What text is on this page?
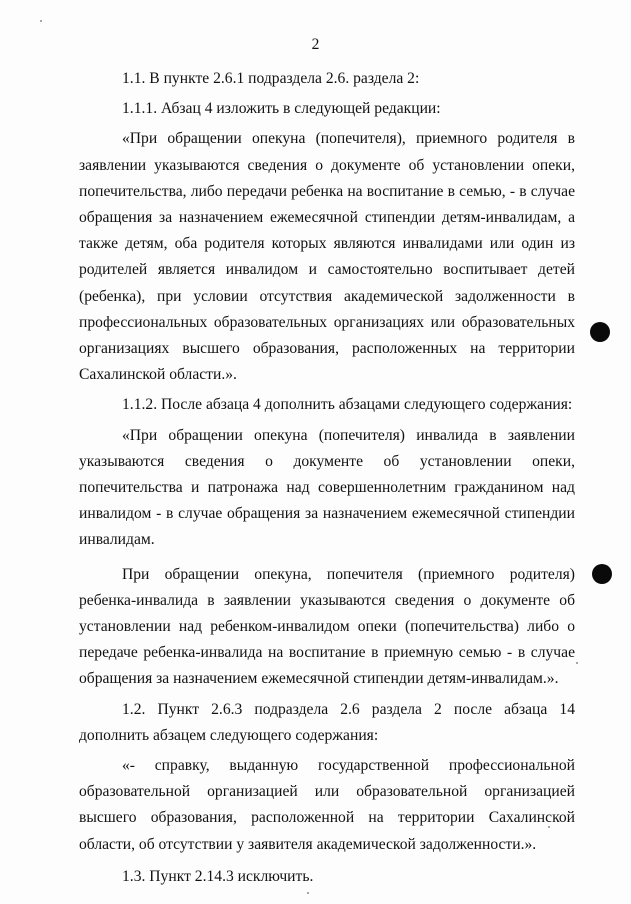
2

1.1. В пункте 2.6.1 подраздела 2.6. раздела 2:

1.1.1. Абзац 4 изложить в следующей редакции:

«При обращении опекуна (попечителя), приемного родителя в заявлении указываются сведения о документе об установлении опеки, попечительства, либо передачи ребенка на воспитание в семью, - в случае обращения за назначением ежемесячной стипендии детям-инвалидам, а также детям, оба родителя которых являются инвалидами или один из родителей является инвалидом и самостоятельно воспитывает детей (ребенка), при условии отсутствия академической задолженности в профессиональных образовательных организациях или образовательных организациях высшего образования, расположенных на территории Сахалинской области.».

1.1.2. После абзаца 4 дополнить абзацами следующего содержания:

«При обращении опекуна (попечителя) инвалида в заявлении указываются сведения о документе об установлении опеки, попечительства и патронажа над совершеннолетним гражданином над инвалидом - в случае обращения за назначением ежемесячной стипендии инвалидам.

При обращении опекуна, попечителя (приемного родителя) ребенка-инвалида в заявлении указываются сведения о документе об установлении над ребенком-инвалидом опеки (попечительства) либо о передаче ребенка-инвалида на воспитание в приемную семью - в случае обращения за назначением ежемесячной стипендии детям-инвалидам.».

1.2. Пункт 2.6.3 подраздела 2.6 раздела 2 после абзаца 14 дополнить абзацем следующего содержания:

«- справку, выданную государственной профессиональной образовательной организацией или образовательной организацией высшего образования, расположенной на территории Сахалинской области, об отсутствии у заявителя академической задолженности.».

1.3. Пункт 2.14.3 исключить.
